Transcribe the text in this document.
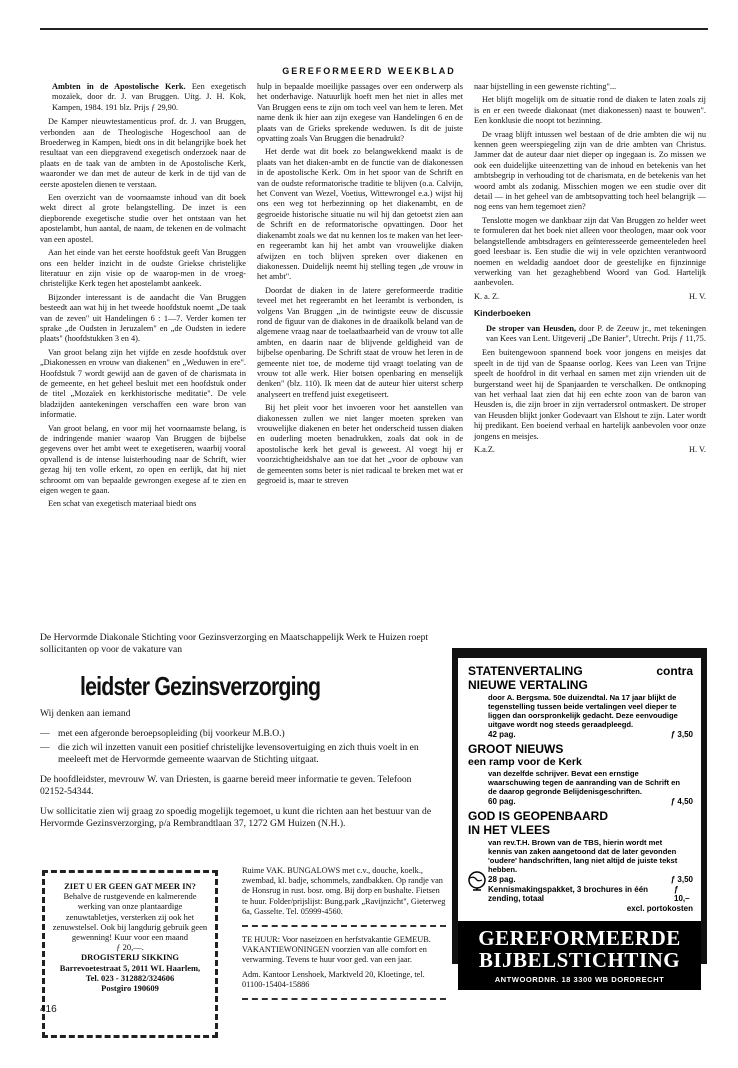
GEREFORMEERD WEEKBLAD
Ambten in de Apostolische Kerk. Een exegetisch mozaïek, door dr. J. van Bruggen. Uitg. J. H. Kok, Kampen, 1984. 191 blz. Prijs ƒ 29,90.

De Kamper nieuwtestamenticus prof. dr. J. van Bruggen, verbonden aan de Theologische Hogeschool aan de Broederweg in Kampen, biedt ons in dit belangrijke boek het resultaat van een diepgravend exegetisch onderzoek naar de plaats en de taak van de ambten in de Apostolische Kerk, waaronder we dan met de auteur de kerk in de tijd van de eerste apostelen dienen te verstaan.

Een overzicht van de voornaamste inhoud van dit boek wekt direct al grote belangstelling. De inzet is een diepborende exegetische studie over het ontstaan van het apostelambt, hun aantal, de naam, de tekenen en de volmacht van een apostel.

Aan het einde van het eerste hoofdstuk geeft Van Bruggen ons een helder inzicht in de oudste Griekse christelijke literatuur en zijn visie op de waarop-men in de vroeg-christelijke Kerk tegen het apostelambt aankeek.

Bijzonder interessant is de aandacht die Van Bruggen besteedt aan wat hij in het tweede hoofdstuk noemt „De taak van de zeven" uit Handelingen 6 : 1—7. Verder komen ter sprake „de Oudsten in Jeruzalem" en „de Oudsten in iedere plaats" (hoofdstukken 3 en 4).

Van groot belang zijn het vijfde en zesde hoofdstuk over „Diakonessen en vrouw van diakenen" en „Weduwen in ere". Hoofdstuk 7 wordt gewijd aan de gaven of de charismata in de gemeente, en het geheel besluit met een hoofdstuk onder de titel „Mozaïek en kerkhistorische meditatie". De vele bladzijden aantekeningen verschaffen een ware bron van informatie.

Van groot belang, en voor mij het voornaamste belang, is de indringende manier waarop Van Bruggen de bijbelse gegevens over het ambt weet te exegetiseren, waarbij vooral opvallend is de intense luisterhouding naar de Schrift, wier gezag hij ten volle erkent, zo open en eerlijk, dat hij niet schroomt om van bepaalde gewrongen exegese af te zien en eigen wegen te gaan.

Een schat van exegetisch materiaal biedt ons

hulp in bepaalde moeilijke passages over een onderwerp als het onderhavige. Natuurlijk hoeft men het niet in alles met Van Bruggen eens te zijn om toch veel van hem te leren. Met name denk ik hier aan zijn exegese van Handelingen 6 en de plaats van de Grieks sprekende weduwen. Is dit de juiste opvatting zoals Van Bruggen die benadrukt?

Het derde wat dit boek zo belangwekkend maakt is de plaats van het diaken-ambt en de functie van de diakonessen in de apostolische Kerk. Om in het spoor van de Schrift en van de oudste reformatorische traditie te blijven (o.a. Calvijn, het Convent van Wezel, Voetius, Wittewrongel e.a.) wijst hij ons een weg tot herbezinning op het diakenambt, en de gegroeide historische situatie nu wil hij dan getoetst zien aan de Schrift en de reformatorische opvattingen. Door het diakenambt zoals we dat nu kennen los te maken van het leer- en regeerambt kan hij het ambt van vrouwelijke diaken afwijzen en toch blijven spreken over diakenen en diakonessen. Duidelijk neemt hij stelling tegen „de vrouw in het ambt".

Doordat de diaken in de latere gereformeerde traditie teveel met het regeerambt en het leerambt is verbonden, is volgens Van Bruggen „in de twintigste eeuw de discussie rond de figuur van de diakones in de draaikolk beland van de algemene vraag naar de toelaatbaarheid van de vrouw tot alle ambten, en daarin naar de blijvende geldigheid van de bijbelse openbaring. De Schrift staat de vrouw het leren in de gemeente niet toe, de moderne tijd vraagt toelating van de vrouw tot alle werk. Hier botsen openbaring en menselijk denken" (blz. 110). Ik meen dat de auteur hier uiterst scherp analyseert en treffend juist exegetiseert.

Bij het pleit voor het invoeren voor het aanstellen van diakonessen zullen we niet langer moeten spreken van vrouwelijke diakenen en beter het onderscheid tussen diaken en ouderling moeten benadrukken, zoals dat ook in de apostolische kerk het geval is geweest. Al voegt hij er voorzichtigheidshalve aan toe dat het „voor de opbouw van de gemeenten soms beter is niet radicaal te breken met wat er gegroeid is, maar te streven

naar bijstelling in een gewenste richting"...

Het blijft mogelijk om de situatie rond de diaken te laten zoals zij is en er een tweede diakonaat (met diakonessen) naast te bouwen". Een konklusie die noopt tot bezinning.

De vraag blijft intussen wel bestaan of de drie ambten die wij nu kennen geen weerspiegeling zijn van de drie ambten van Christus. Jammer dat de auteur daar niet dieper op ingegaan is. Zo missen we ook een duidelijke uiteenzetting van de inhoud en betekenis van het ambtsbegrip in verhouding tot de charismata, en de betekenis van het woord ambt als zodanig. Misschien mogen we een studie over dit detail — in het geheel van de ambtsopvatting toch heel belangrijk — nog eens van hem tegemoet zien?

Tenslotte mogen we dankbaar zijn dat Van Bruggen zo helder weet te formuleren dat het boek niet alleen voor theologen, maar ook voor belangstellende ambtsdragers en geïnteresseerde gemeenteleden heel goed leesbaar is. Een studie die wij in vele opzichten verantwoord noemen en weldadig aandoet door de geestelijke en fijnzinnige verwerking van het gezaghebbend Woord van God. Hartelijk aanbevolen.

K. a. Z.	H. V.
Kinderboeken
De stroper van Heusden, door P. de Zeeuw jr., met tekeningen van Kees van Lent. Uitgeverij „De Banier", Utrecht. Prijs ƒ 11,75.

Een buitengewoon spannend boek voor jongens en meisjes dat speelt in de tijd van de Spaanse oorlog. Kees van Leen van Trijne speelt de hoofdrol in dit verhaal en samen met zijn vrienden uit de burgerstand weet hij de Spanjaarden te verschalken. De ontknoping van het verhaal laat zien dat hij een echte zoon van de baron van Heusden is, die zijn broer in zijn verradersrol ontmaskert. De stroper van Heusden blijkt jonker Godevaart van Elshout te zijn. Later wordt hij predikant. Een boeiend verhaal en hartelijk aanbevolen voor onze jongens en meisjes.

K.a.Z.	H. V.

De Hervormde Diakonale Stichting voor Gezinsverzorging en Maatschappelijk Werk te Huizen roept sollicitanten op voor de vakature van

leidster Gezinsverzorging

Wij denken aan iemand

— met een afgeronde beroepsopleiding (bij voorkeur M.B.O.)
— die zich wil inzetten vanuit een positief christelijke levensovertuiging en zich thuis voelt in en meeleeft met de Hervormde gemeente waarvan de Stichting uitgaat.

De hoofdleidster, mevrouw W. van Driesten, is gaarne bereid meer informatie te geven. Telefoon 02152-54344.

Uw sollicitatie zien wij graag zo spoedig mogelijk tegemoet, u kunt die richten aan het bestuur van de Hervormde Gezinsverzorging, p/a Rembrandtlaan 37, 1272 GM Huizen (N.H.).

ZIET U ER GEEN GAT MEER IN?
Behalve de rustgevende en kalmerende werking van onze plantaardige zenuwtabletjes, versterken zij ook het zenuwstelsel. Ook bij langdurig gebruik geen gewenning! Kuur voor een maand
ƒ 20,—.
DROGISTERIJ SIKKING
Barrevoetestraat 5, 2011 WL Haarlem,
Tel. 023 - 312882/324606
Postgiro 190609

Ruime VAK. BUNGALOWS met c.v., douche, koelk., zwembad, kl. badje, schommels, zandbakken. Op randje van de Honsrug in rust. bosr. omg. Bij dorp en bushalte. Fietsen te huur. Folder/prijslijst: Bung.park „Ravijnzicht", Gieterweg 6a, Gasselte. Tel. 05999-4560.

TE HUUR: Voor naseizoen en herfstvakantie GEMEUB. VAKANTIEWONINGEN voorzien van alle comfort en verwarming. Tevens te huur voor ged. van een jaar.

Adm. Kantoor Lenshoek, Marktveld 20, Kloetinge, tel. 01100-15404-15886

STATENVERTALING	contra
NIEUWE VERTALING
door A. Bergsma. 50e duizendtal. Na 17 jaar blijkt de tegenstelling tussen beide vertalingen veel dieper te liggen dan oorspronkelijk gedacht. Deze eenvoudige uitgave wordt nog steeds geraadpleegd.
42 pag.	ƒ 3,50
GROOT NIEUWS
een ramp voor de Kerk
van dezelfde schrijver. Bevat een ernstige waarschuwing tegen de aanranding van de Schrift en de daarop gegronde Belijdenisgeschriften.
60 pag.	ƒ 4,50
GOD IS GEOPENBAARD
IN HET VLEES
van rev.T.H. Brown van de TBS, hierin wordt met kennis van zaken aangetoond dat de later gevonden 'oudere' handschriften, lang niet altijd de juiste tekst hebben.
28 pag.	ƒ 3,50
Kennismakingspakket, 3 brochures in één zending, totaal
ƒ 10,–
excl. portokosten
GEREFORMEERDE
BIJBELSTICHTING
ANTWOORDNR. 18 3300 WB DORDRECHT
416
